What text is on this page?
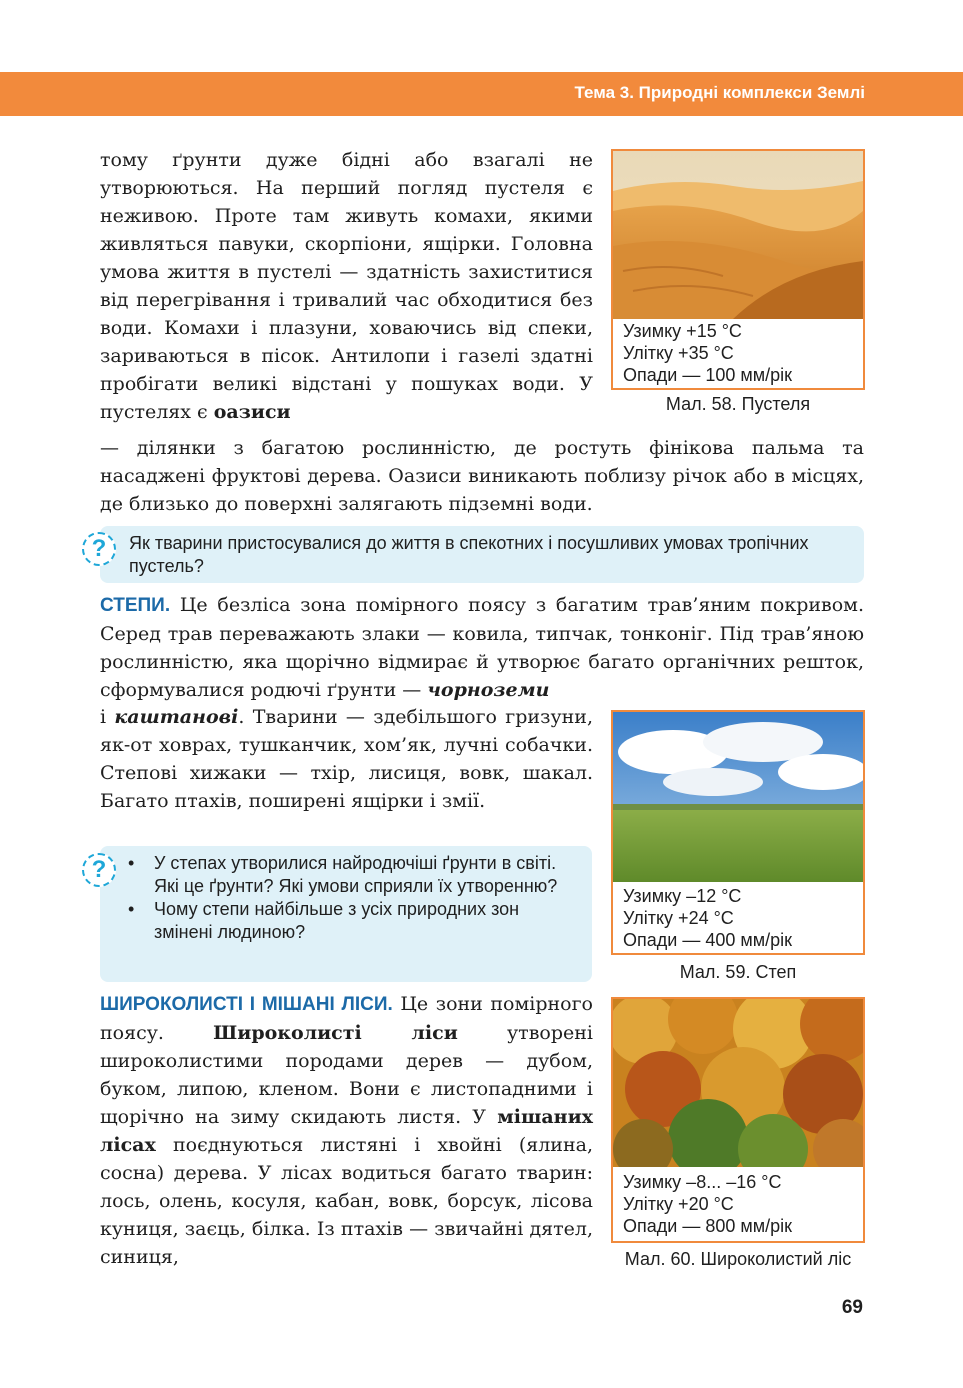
Тема 3. Природні комплекси Землі

тому ґрунти дуже бідні або взагалі не утворюються. На перший погляд пустеля є неживою. Проте там живуть комахи, якими живляться павуки, скорпіони, ящірки. Головна умова життя в пустелі — здатність захиститися від перегрівання і тривалий час обходитися без води. Комахи і плазуни, ховаючись від спеки, зариваються в пісок. Антилопи і газелі здатні пробігати великі відстані у пошуках води. У пустелях є оазиси

— ділянки з багатою рослинністю, де ростуть фінікова пальма та насаджені фруктові дерева. Оазиси виникають поблизу річок або в місцях, де близько до поверхні залягають підземні води.

Узимку +15 °C
Улітку +35 °C
Опади — 100 мм/рік
Мал. 58. Пустеля
Як тварини пристосувалися до життя в спекотних і посушливих умовах тропічних пустель?
?

СТЕПИ. Це безліса зона помірного поясу з багатим трав’яним покривом. Серед трав переважають злаки — ковила, типчак, тонконіг. Під трав’яною рослинністю, яка щорічно відмирає й утворює багато органічних решток, сформувалися родючі ґрунти — чорноземи

і каштанові. Тварини — здебільшого гризуни, як-от ховрах, тушканчик, хом’як, лучні собачки. Степові хижаки — тхір, лисиця, вовк, шакал. Багато птахів, поширені ящірки і змії.

Узимку –12 °C
Улітку +24 °C
Опади — 400 мм/рік
Мал. 59. Степ
• У степах утворилися найродючіші ґрунти в світі. Які це ґрунти? Які умови сприяли їх утворенню?
• Чому степи найбільше з усіх природних зон змінені людиною?
?

ШИРОКОЛИСТІ І МІШАНІ ЛІСИ. Це зони помірного поясу.	Широколисті ліси	утворені широколистими породами дерев — дубом, буком, липою, кленом. Вони є листопадними і щорічно на зиму скидають листя. У мішаних лісах поєднуються листяні і хвойні (ялина, сосна) дерева. У лісах водиться багато тварин: лось, олень, косуля, кабан, вовк, борсук, лісова куниця, заєць, білка. Із птахів — звичайні дятел, синиця,

Узимку –8... –16 °C
Улітку +20 °C
Опади — 800 мм/рік
Мал. 60. Широколистий ліс
69
